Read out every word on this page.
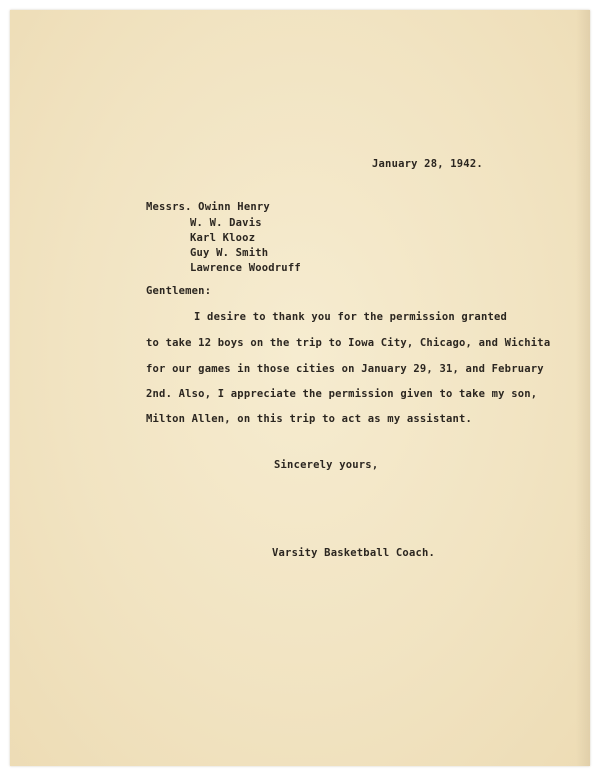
January 28, 1942.

Messrs. Owinn Henry

W. W. Davis

Karl Klooz

Guy W. Smith

Lawrence Woodruff

Gentlemen:

I desire to thank you for the permission granted

to take 12 boys on the trip to Iowa City, Chicago, and Wichita

for our games in those cities on January 29, 31, and February

2nd. Also, I appreciate the permission given to take my son,

Milton Allen, on this trip to act as my assistant.

Sincerely yours,

Varsity Basketball Coach.
